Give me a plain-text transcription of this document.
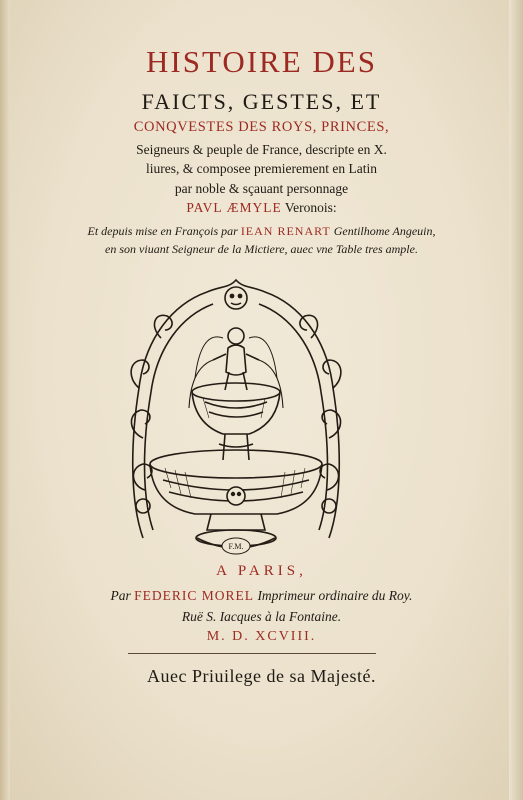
HISTOIRE DES
FAICTS, GESTES, ET
CONQVESTES DES ROYS, PRINCES,
Seigneurs & peuple de France, descripte en X.
liures, & composee premierement en Latin
par noble & sçauant personnage
PAVL ÆMYLE Veronois:
Et depuis mise en François par IEAN RENART Gentilhome Angeuin,
en son viuant Seigneur de la Mictiere, auec vne Table tres ample.
F.M.
A PARIS,
Par FEDERIC MOREL Imprimeur ordinaire du Roy.
Ruë S. Iacques à la Fontaine.
M. D. XCVIII.
Auec Priuilege de sa Majesté.
